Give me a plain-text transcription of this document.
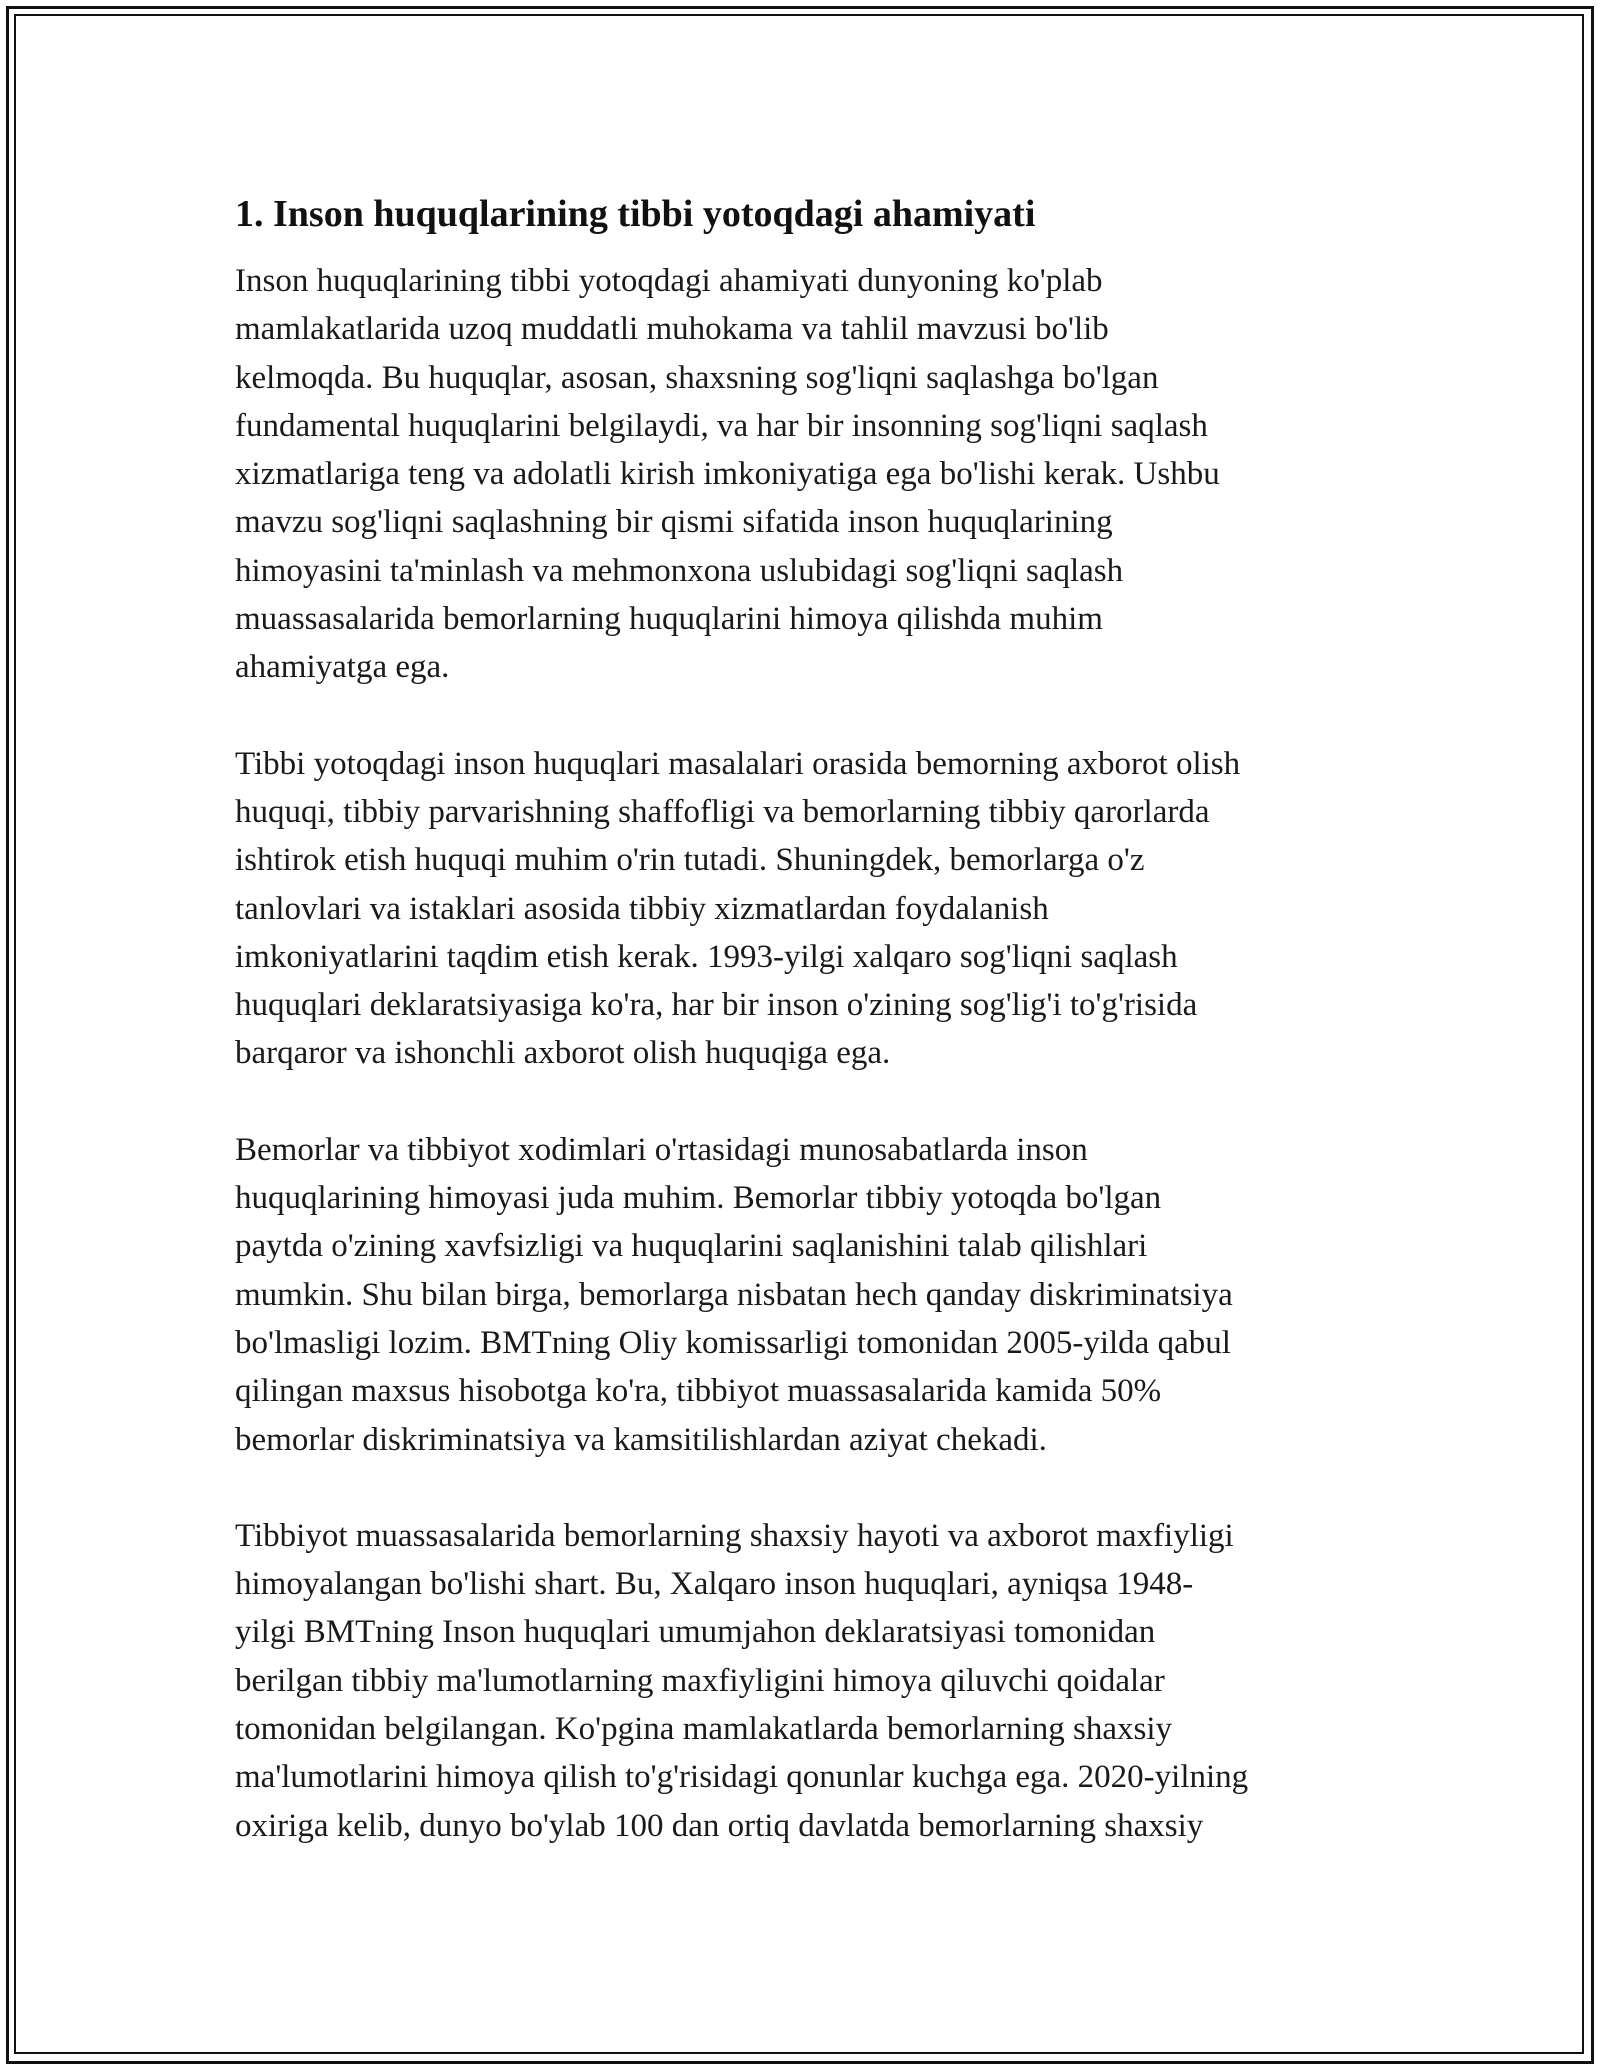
1. Inson huquqlarining tibbi yotoqdagi ahamiyati

Inson huquqlarining tibbi yotoqdagi ahamiyati dunyoning ko'plab
mamlakatlarida uzoq muddatli muhokama va tahlil mavzusi bo'lib
kelmoqda. Bu huquqlar, asosan, shaxsning sog'liqni saqlashga bo'lgan
fundamental huquqlarini belgilaydi, va har bir insonning sog'liqni saqlash
xizmatlariga teng va adolatli kirish imkoniyatiga ega bo'lishi kerak. Ushbu
mavzu sog'liqni saqlashning bir qismi sifatida inson huquqlarining
himoyasini ta'minlash va mehmonxona uslubidagi sog'liqni saqlash
muassasalarida bemorlarning huquqlarini himoya qilishda muhim
ahamiyatga ega.

Tibbi yotoqdagi inson huquqlari masalalari orasida bemorning axborot olish
huquqi, tibbiy parvarishning shaffofligi va bemorlarning tibbiy qarorlarda
ishtirok etish huquqi muhim o'rin tutadi. Shuningdek, bemorlarga o'z
tanlovlari va istaklari asosida tibbiy xizmatlardan foydalanish
imkoniyatlarini taqdim etish kerak. 1993-yilgi xalqaro sog'liqni saqlash
huquqlari deklaratsiyasiga ko'ra, har bir inson o'zining sog'lig'i to'g'risida
barqaror va ishonchli axborot olish huquqiga ega.

Bemorlar va tibbiyot xodimlari o'rtasidagi munosabatlarda inson
huquqlarining himoyasi juda muhim. Bemorlar tibbiy yotoqda bo'lgan
paytda o'zining xavfsizligi va huquqlarini saqlanishini talab qilishlari
mumkin. Shu bilan birga, bemorlarga nisbatan hech qanday diskriminatsiya
bo'lmasligi lozim. BMTning Oliy komissarligi tomonidan 2005-yilda qabul
qilingan maxsus hisobotga ko'ra, tibbiyot muassasalarida kamida 50%
bemorlar diskriminatsiya va kamsitilishlardan aziyat chekadi.

Tibbiyot muassasalarida bemorlarning shaxsiy hayoti va axborot maxfiyligi
himoyalangan bo'lishi shart. Bu, Xalqaro inson huquqlari, ayniqsa 1948-
yilgi BMTning Inson huquqlari umumjahon deklaratsiyasi tomonidan
berilgan tibbiy ma'lumotlarning maxfiyligini himoya qiluvchi qoidalar
tomonidan belgilangan. Ko'pgina mamlakatlarda bemorlarning shaxsiy
ma'lumotlarini himoya qilish to'g'risidagi qonunlar kuchga ega. 2020-yilning
oxiriga kelib, dunyo bo'ylab 100 dan ortiq davlatda bemorlarning shaxsiy
